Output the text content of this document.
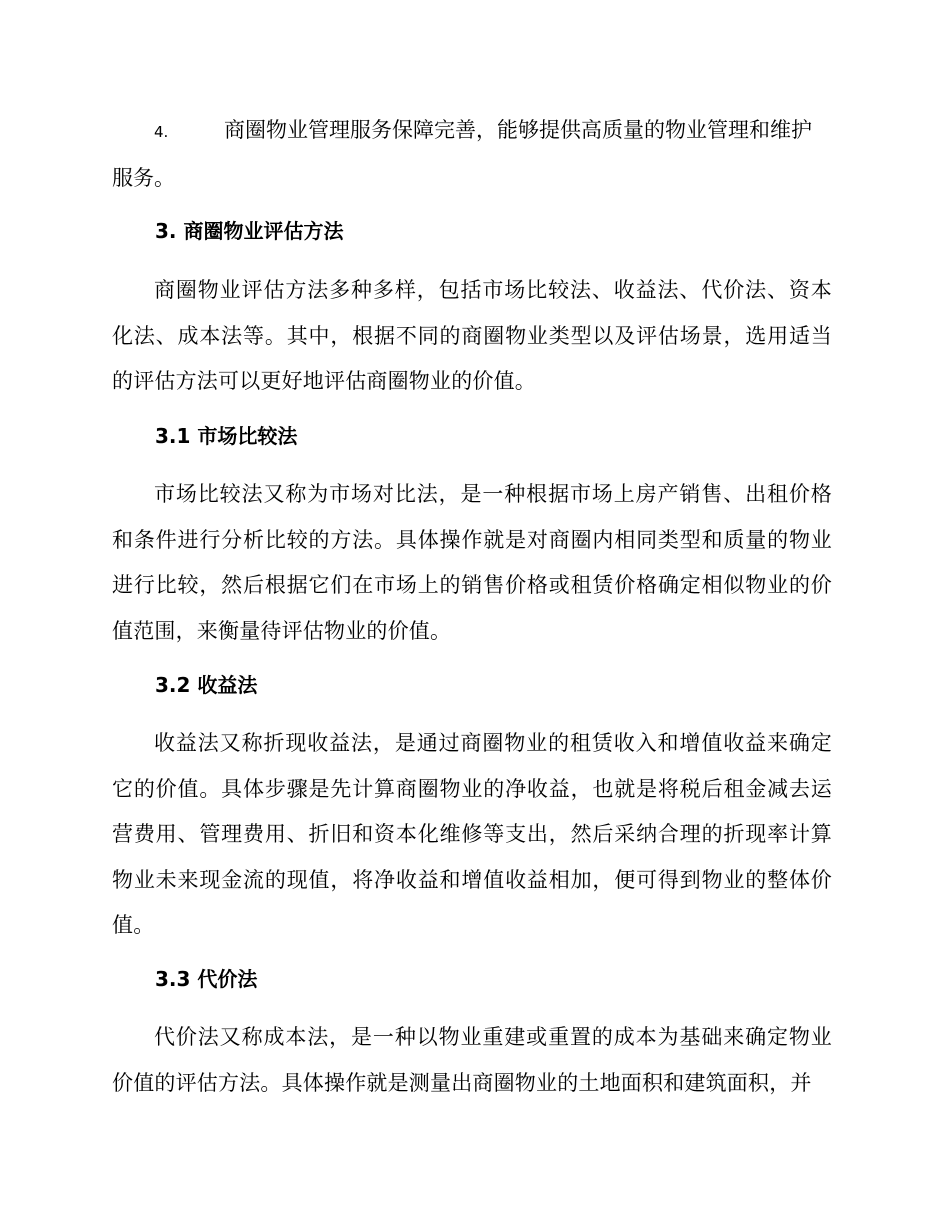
4.	商圈物业管理服务保障完善，能够提供高质量的物业管理和维护服务。

3. 商圈物业评估方法

商圈物业评估方法多种多样，包括市场比较法、收益法、代价法、资本化法、成本法等。其中，根据不同的商圈物业类型以及评估场景，选用适当的评估方法可以更好地评估商圈物业的价值。

3.1 市场比较法

市场比较法又称为市场对比法，是一种根据市场上房产销售、出租价格和条件进行分析比较的方法。具体操作就是对商圈内相同类型和质量的物业进行比较，然后根据它们在市场上的销售价格或租赁价格确定相似物业的价值范围，来衡量待评估物业的价值。

3.2 收益法

收益法又称折现收益法，是通过商圈物业的租赁收入和增值收益来确定它的价值。具体步骤是先计算商圈物业的净收益，也就是将税后租金减去运营费用、管理费用、折旧和资本化维修等支出，然后采纳合理的折现率计算物业未来现金流的现值，将净收益和增值收益相加，便可得到物业的整体价值。

3.3 代价法

代价法又称成本法，是一种以物业重建或重置的成本为基础来确定物业价值的评估方法。具体操作就是测量出商圈物业的土地面积和建筑面积，并
